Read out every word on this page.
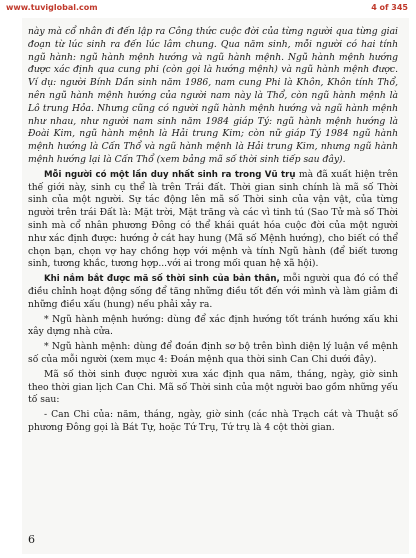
www.tuviglobal.com	4 of 345

này mà cổ nhân đi đến lập ra Công thức cuộc đời của từng người qua từng giai đoạn từ lúc sinh ra đến lúc lâm chung. Qua năm sinh, mỗi người có hai tính ngũ hành: ngũ hành mệnh hướng và ngũ hành mệnh. Ngũ hành mệnh hướng được xác định qua cung phi (còn gọi là hướng mệnh) và ngũ hành mệnh được. Ví dụ: người Bính Dần sinh năm 1986, nam cung Phi là Khôn, Khôn tính Thổ, nên ngũ hành mệnh hướng của người nam này là Thổ, còn ngũ hành mệnh là Lô trung Hỏa. Nhưng cũng có người ngũ hành mệnh hướng và ngũ hành mệnh như nhau, như người nam sinh năm 1984 giáp Tý: ngũ hành mệnh hướng là Đoài Kim, ngũ hành mệnh là Hải trung Kim; còn nữ giáp Tý 1984 ngũ hành mệnh hướng là Cấn Thổ và ngũ hành mệnh là Hải trung Kim, nhưng ngũ hành mệnh hướng lại là Cấn Thổ (xem bảng mã số thời sinh tiếp sau đây).

Mỗi người có một lần duy nhất sinh ra trong Vũ trụ mà đã xuất hiện trên thế giới này, sinh cụ thể là trên Trái đất. Thời gian sinh chính là mã số Thời sinh của một người. Sự tác động lên mã số Thời sinh của vận vật, của từng người trên trái Đất là: Mặt trời, Mặt trăng và các vì tinh tú (Sao Tử mà số Thời sinh mà cổ nhân phương Đông có thể khái quát hóa cuộc đời của một người như xác định được: hướng ở cát hay hung (Mã số Mệnh hướng), cho biết có thể chọn bạn, chọn vợ hay chồng hợp với mệnh và tính Ngũ hành (để biết tương sinh, tương khắc, tương hợp...với ai trong mối quan hệ xã hội).

Khi nắm bắt được mã số thời sinh của bản thân, mỗi người qua đó có thể điều chỉnh hoạt động sống để tăng những điều tốt đến với mình và làm giảm đi những điều xấu (hung) nếu phải xảy ra.

* Ngũ hành mệnh hướng: dùng để xác định hướng tốt tránh hướng xấu khi xây dựng nhà cửa.

* Ngũ hành mệnh: dùng để đoán định sơ bộ trên bình diện lý luận về mệnh số của mỗi người (xem mục 4: Đoán mệnh qua thời sinh Can Chi dưới đây).

Mã số thời sinh được người xưa xác định qua năm, tháng, ngày, giờ sinh theo thời gian lịch Can Chi. Mã số Thời sinh của một người bao gồm những yếu tố sau:

- Can Chi của: năm, tháng, ngày, giờ sinh (các nhà Trạch cát và Thuật số phương Đông gọi là Bát Tự, hoặc Tứ Trụ, Tứ trụ là 4 cột thời gian.

6
